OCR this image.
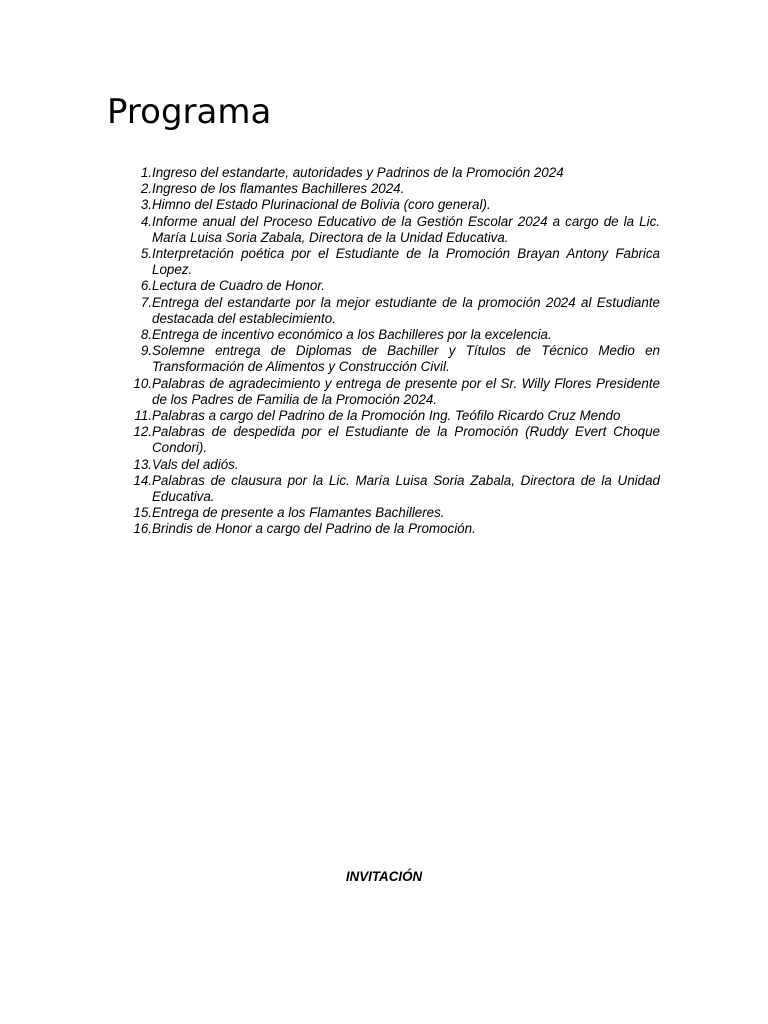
Programa
1. Ingreso del estandarte, autoridades y Padrinos de la Promoción 2024
2. Ingreso de los flamantes Bachilleres 2024.
3. Himno del Estado Plurinacional de Bolivia (coro general).
4. Informe anual del Proceso Educativo de la Gestión Escolar 2024 a cargo de la Lic. María Luisa Soria Zabala, Directora de la Unidad Educativa.
5. Interpretación poética por el Estudiante de la Promoción Brayan Antony Fabrica Lopez.
6. Lectura de Cuadro de Honor.
7. Entrega del estandarte por la mejor estudiante de la promoción 2024 al Estudiante destacada del establecimiento.
8. Entrega de incentivo económico a los Bachilleres por la excelencia.
9. Solemne entrega de Diplomas de Bachiller y Títulos de Técnico Medio en Transformación de Alimentos y Construcción Civil.
10. Palabras de agradecimiento y entrega de presente por el Sr. Willy Flores Presidente de los Padres de Familia de la Promoción 2024.
11. Palabras a cargo del Padrino de la Promoción Ing. Teófilo Ricardo Cruz Mendo
12. Palabras de despedida por el Estudiante de la Promoción (Ruddy Evert Choque Condori).
13. Vals del adiós.
14. Palabras de clausura por la Lic. María Luisa Soria Zabala, Directora de la Unidad Educativa.
15. Entrega de presente a los Flamantes Bachilleres.
16. Brindis de Honor a cargo del Padrino de la Promoción.
INVITACIÓN
